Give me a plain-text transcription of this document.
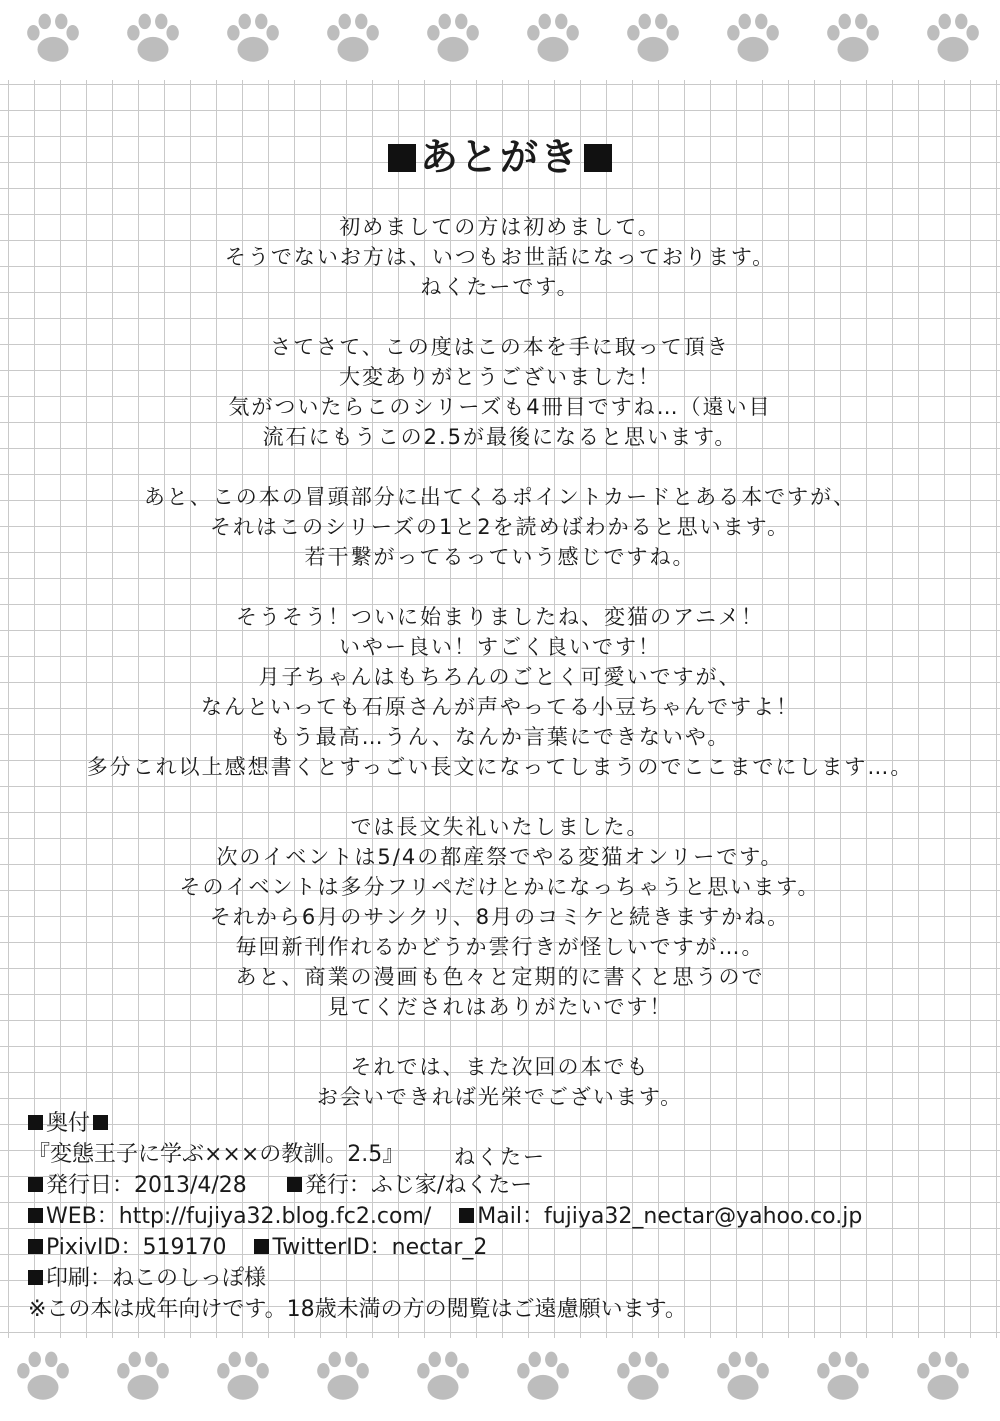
あとがき
初めましての方は初めまして。
そうでないお方は、いつもお世話になっております。
ねくたーです。
さてさて、この度はこの本を手に取って頂き
大変ありがとうございました！
気がついたらこのシリーズも4冊目ですね…（遠い目
流石にもうこの2.5が最後になると思います。
あと、この本の冒頭部分に出てくるポイントカードとある本ですが、
それはこのシリーズの1と2を読めばわかると思います。
若干繋がってるっていう感じですね。
そうそう！ついに始まりましたね、変猫のアニメ！
いやー良い！すごく良いです！
月子ちゃんはもちろんのごとく可愛いですが、
なんといっても石原さんが声やってる小豆ちゃんですよ！
もう最高…うん、なんか言葉にできないや。
多分これ以上感想書くとすっごい長文になってしまうのでここまでにします…。
では長文失礼いたしました。
次のイベントは5/4の都産祭でやる変猫オンリーです。
そのイベントは多分フリペだけとかになっちゃうと思います。
それから6月のサンクリ、8月のコミケと続きますかね。
毎回新刊作れるかどうか雲行きが怪しいですが…。
あと、商業の漫画も色々と定期的に書くと思うので
見てくだされはありがたいです！
それでは、また次回の本でも
お会いできれば光栄でございます。
ねくたー
奥付
『変態王子に学ぶ×××の教訓。2.5』
発行日：2013/4/28	発行：ふじ家/ねくたー
WEB：http://fujiya32.blog.fc2.com/ Mail：fujiya32_nectar@yahoo.co.jp
PixivID：519170 TwitterID：nectar_2
印刷：ねこのしっぽ様
※この本は成年向けです。18歳未満の方の閲覧はご遠慮願います。
